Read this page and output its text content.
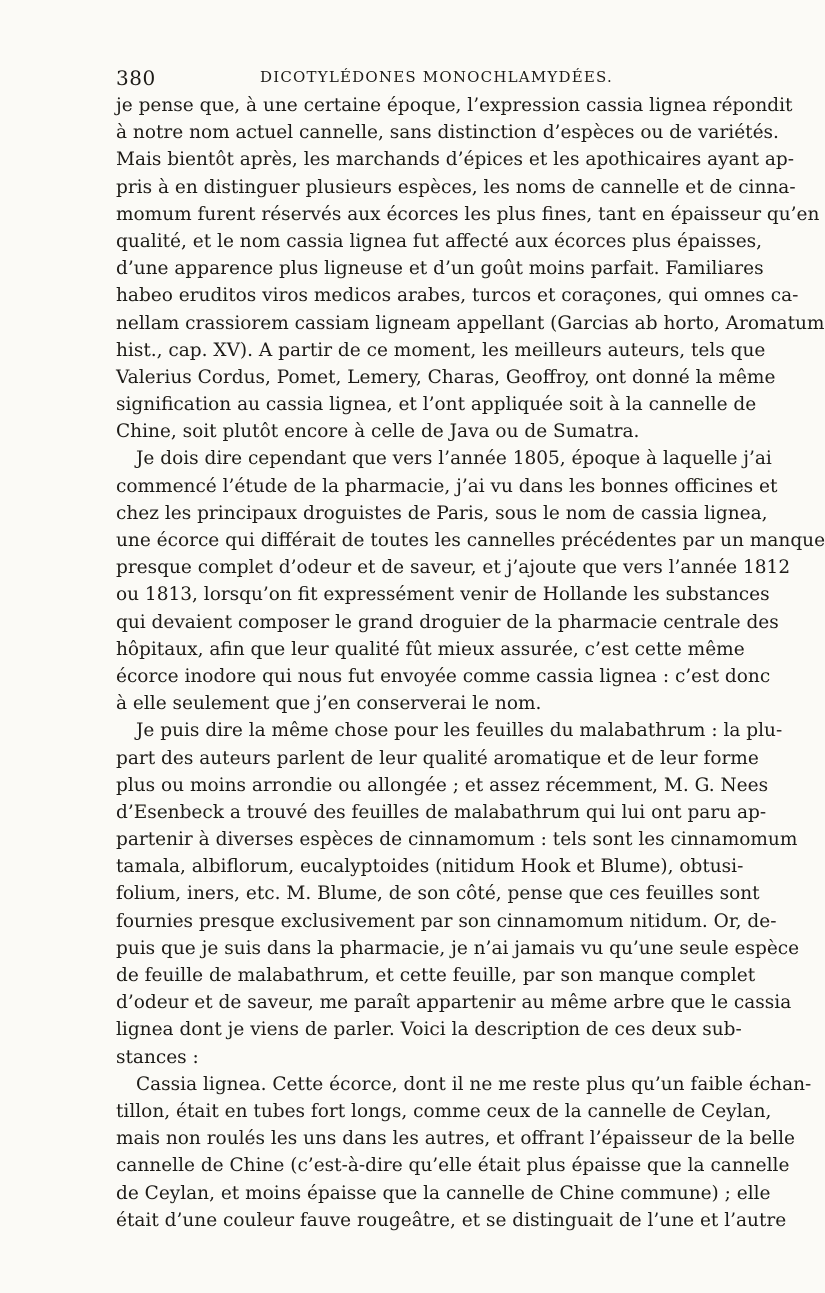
380	DICOTYLÉDONES MONOCHLAMYDÉES.
je pense que, à une certaine époque, l’expression cassia lignea répondit
à notre nom actuel cannelle, sans distinction d’espèces ou de variétés.
Mais bientôt après, les marchands d’épices et les apothicaires ayant ap-
pris à en distinguer plusieurs espèces, les noms de cannelle et de cinna-
momum furent réservés aux écorces les plus fines, tant en épaisseur qu’en
qualité, et le nom cassia lignea fut affecté aux écorces plus épaisses,
d’une apparence plus ligneuse et d’un goût moins parfait. Familiares
habeo eruditos viros medicos arabes, turcos et coraçones, qui omnes ca-
nellam crassiorem cassiam ligneam appellant (Garcias ab horto, Aromatum
hist., cap. XV). A partir de ce moment, les meilleurs auteurs, tels que
Valerius Cordus, Pomet, Lemery, Charas, Geoffroy, ont donné la même
signification au cassia lignea, et l’ont appliquée soit à la cannelle de
Chine, soit plutôt encore à celle de Java ou de Sumatra.
Je dois dire cependant que vers l’année 1805, époque à laquelle j’ai
commencé l’étude de la pharmacie, j’ai vu dans les bonnes officines et
chez les principaux droguistes de Paris, sous le nom de cassia lignea,
une écorce qui différait de toutes les cannelles précédentes par un manque
presque complet d’odeur et de saveur, et j’ajoute que vers l’année 1812
ou 1813, lorsqu’on fit expressément venir de Hollande les substances
qui devaient composer le grand droguier de la pharmacie centrale des
hôpitaux, afin que leur qualité fût mieux assurée, c’est cette même
écorce inodore qui nous fut envoyée comme cassia lignea : c’est donc
à elle seulement que j’en conserverai le nom.
Je puis dire la même chose pour les feuilles du malabathrum : la plu-
part des auteurs parlent de leur qualité aromatique et de leur forme
plus ou moins arrondie ou allongée ; et assez récemment, M. G. Nees
d’Esenbeck a trouvé des feuilles de malabathrum qui lui ont paru ap-
partenir à diverses espèces de cinnamomum : tels sont les cinnamomum
tamala, albiflorum, eucalyptoides (nitidum Hook et Blume), obtusi-
folium, iners, etc. M. Blume, de son côté, pense que ces feuilles sont
fournies presque exclusivement par son cinnamomum nitidum. Or, de-
puis que je suis dans la pharmacie, je n’ai jamais vu qu’une seule espèce
de feuille de malabathrum, et cette feuille, par son manque complet
d’odeur et de saveur, me paraît appartenir au même arbre que le cassia
lignea dont je viens de parler. Voici la description de ces deux sub-
stances :
Cassia lignea. Cette écorce, dont il ne me reste plus qu’un faible échan-
tillon, était en tubes fort longs, comme ceux de la cannelle de Ceylan,
mais non roulés les uns dans les autres, et offrant l’épaisseur de la belle
cannelle de Chine (c’est-à-dire qu’elle était plus épaisse que la cannelle
de Ceylan, et moins épaisse que la cannelle de Chine commune) ; elle
était d’une couleur fauve rougeâtre, et se distinguait de l’une et l’autre
